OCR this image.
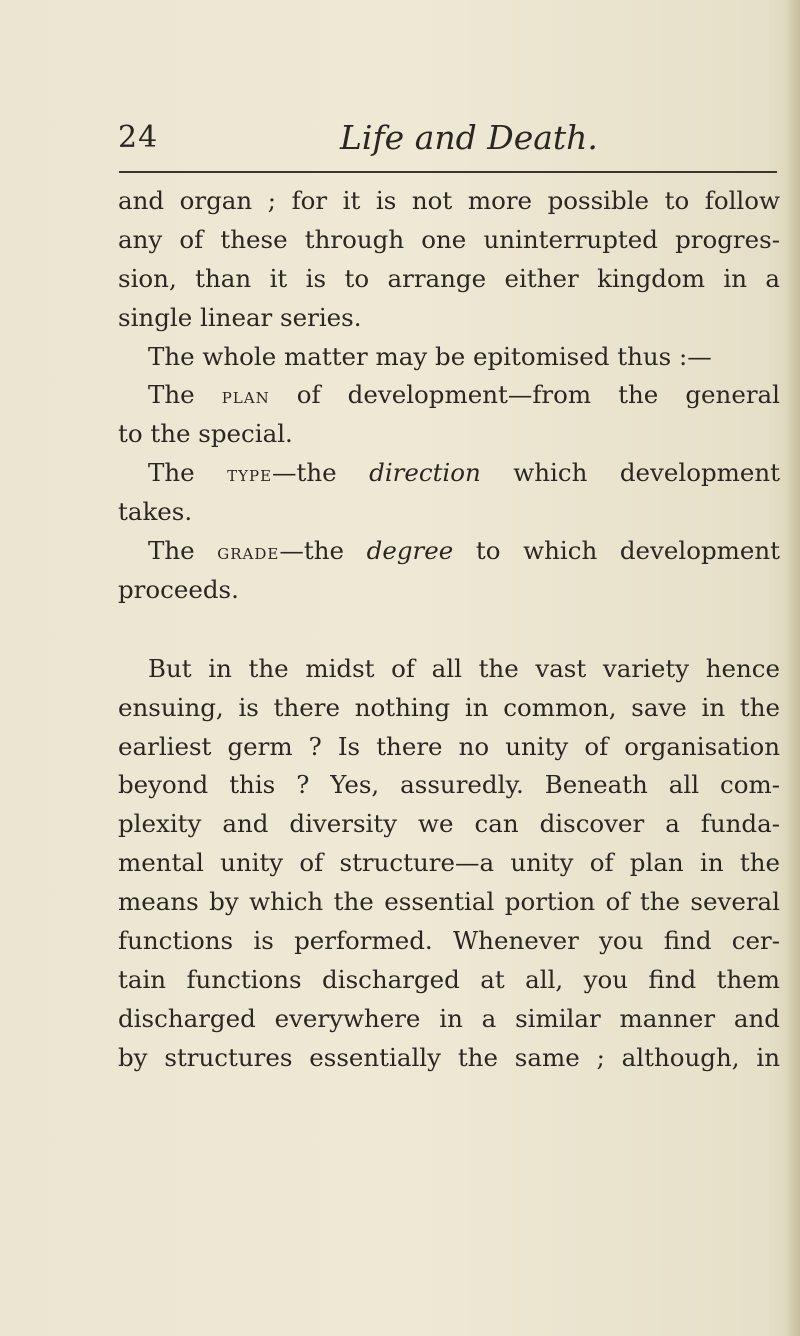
24	Life and Death.
and organ ; for it is not more possible to follow
any of these through one uninterrupted progres-
sion, than it is to arrange either kingdom in a
single linear series.
The whole matter may be epitomised thus :—
The plan of development—from the general
to the special.
The type—the direction which development
takes.
The grade—the degree to which development
proceeds.
But in the midst of all the vast variety hence
ensuing, is there nothing in common, save in the
earliest germ ? Is there no unity of organisation
beyond this ? Yes, assuredly. Beneath all com-
plexity and diversity we can discover a funda-
mental unity of structure—a unity of plan in the
means by which the essential portion of the several
functions is performed. Whenever you find cer-
tain functions discharged at all, you find them
discharged everywhere in a similar manner and
by structures essentially the same ; although, in
